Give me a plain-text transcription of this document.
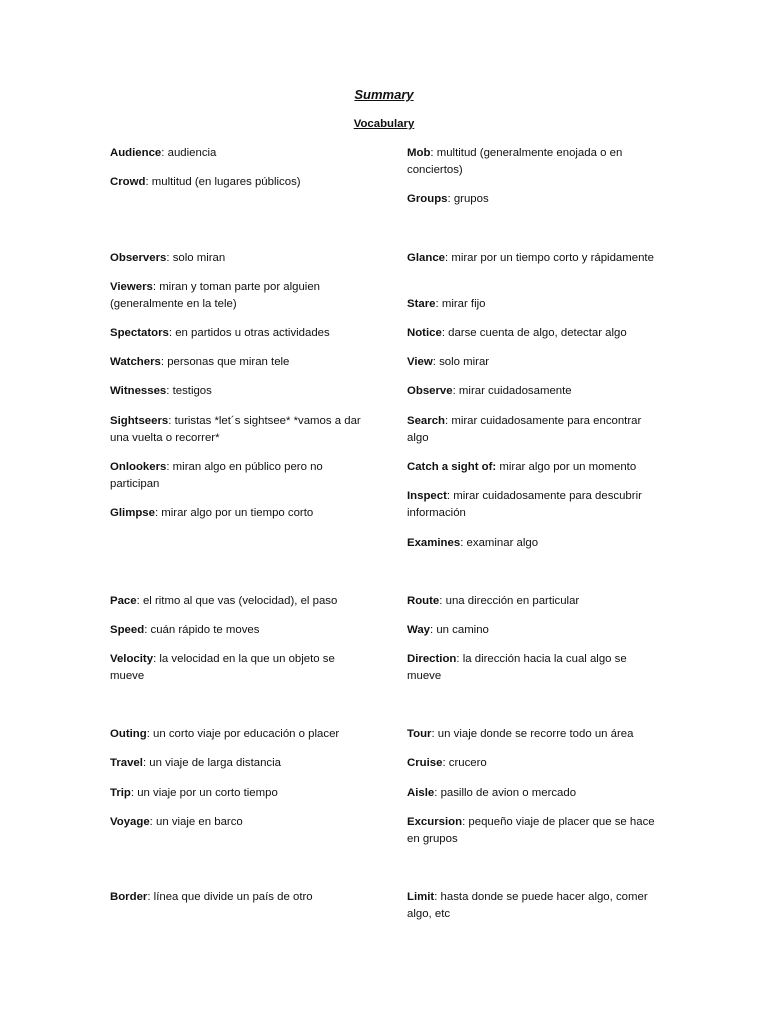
Summary
Vocabulary

Audience: audiencia

Crowd: multitud (en lugares públicos)

Observers: solo miran

Viewers: miran y toman parte por alguien (generalmente en la tele)

Spectators: en partidos u otras actividades

Watchers: personas que miran tele

Witnesses: testigos

Sightseers: turistas *let´s sightsee* *vamos a dar una vuelta o recorrer*

Onlookers: miran algo en público pero no participan

Glimpse: mirar algo por un tiempo corto

Pace: el ritmo al que vas (velocidad), el paso

Speed: cuán rápido te moves

Velocity: la velocidad en la que un objeto se mueve

Outing: un corto viaje por educación o placer

Travel: un viaje de larga distancia

Trip: un viaje por un corto tiempo

Voyage: un viaje en barco

Border: línea que divide un país de otro

Mob: multitud (generalmente enojada o en conciertos)

Groups: grupos

Glance: mirar por un tiempo corto y rápidamente

Stare: mirar fijo

Notice: darse cuenta de algo, detectar algo

View: solo mirar

Observe: mirar cuidadosamente

Search: mirar cuidadosamente para encontrar algo

Catch a sight of: mirar algo por un momento

Inspect: mirar cuidadosamente para descubrir información

Examines: examinar algo

Route: una dirección en particular

Way: un camino

Direction: la dirección hacia la cual algo se mueve

Tour: un viaje donde se recorre todo un área

Cruise: crucero

Aisle: pasillo de avion o mercado

Excursion: pequeño viaje de placer que se hace en grupos

Limit: hasta donde se puede hacer algo, comer algo, etc
